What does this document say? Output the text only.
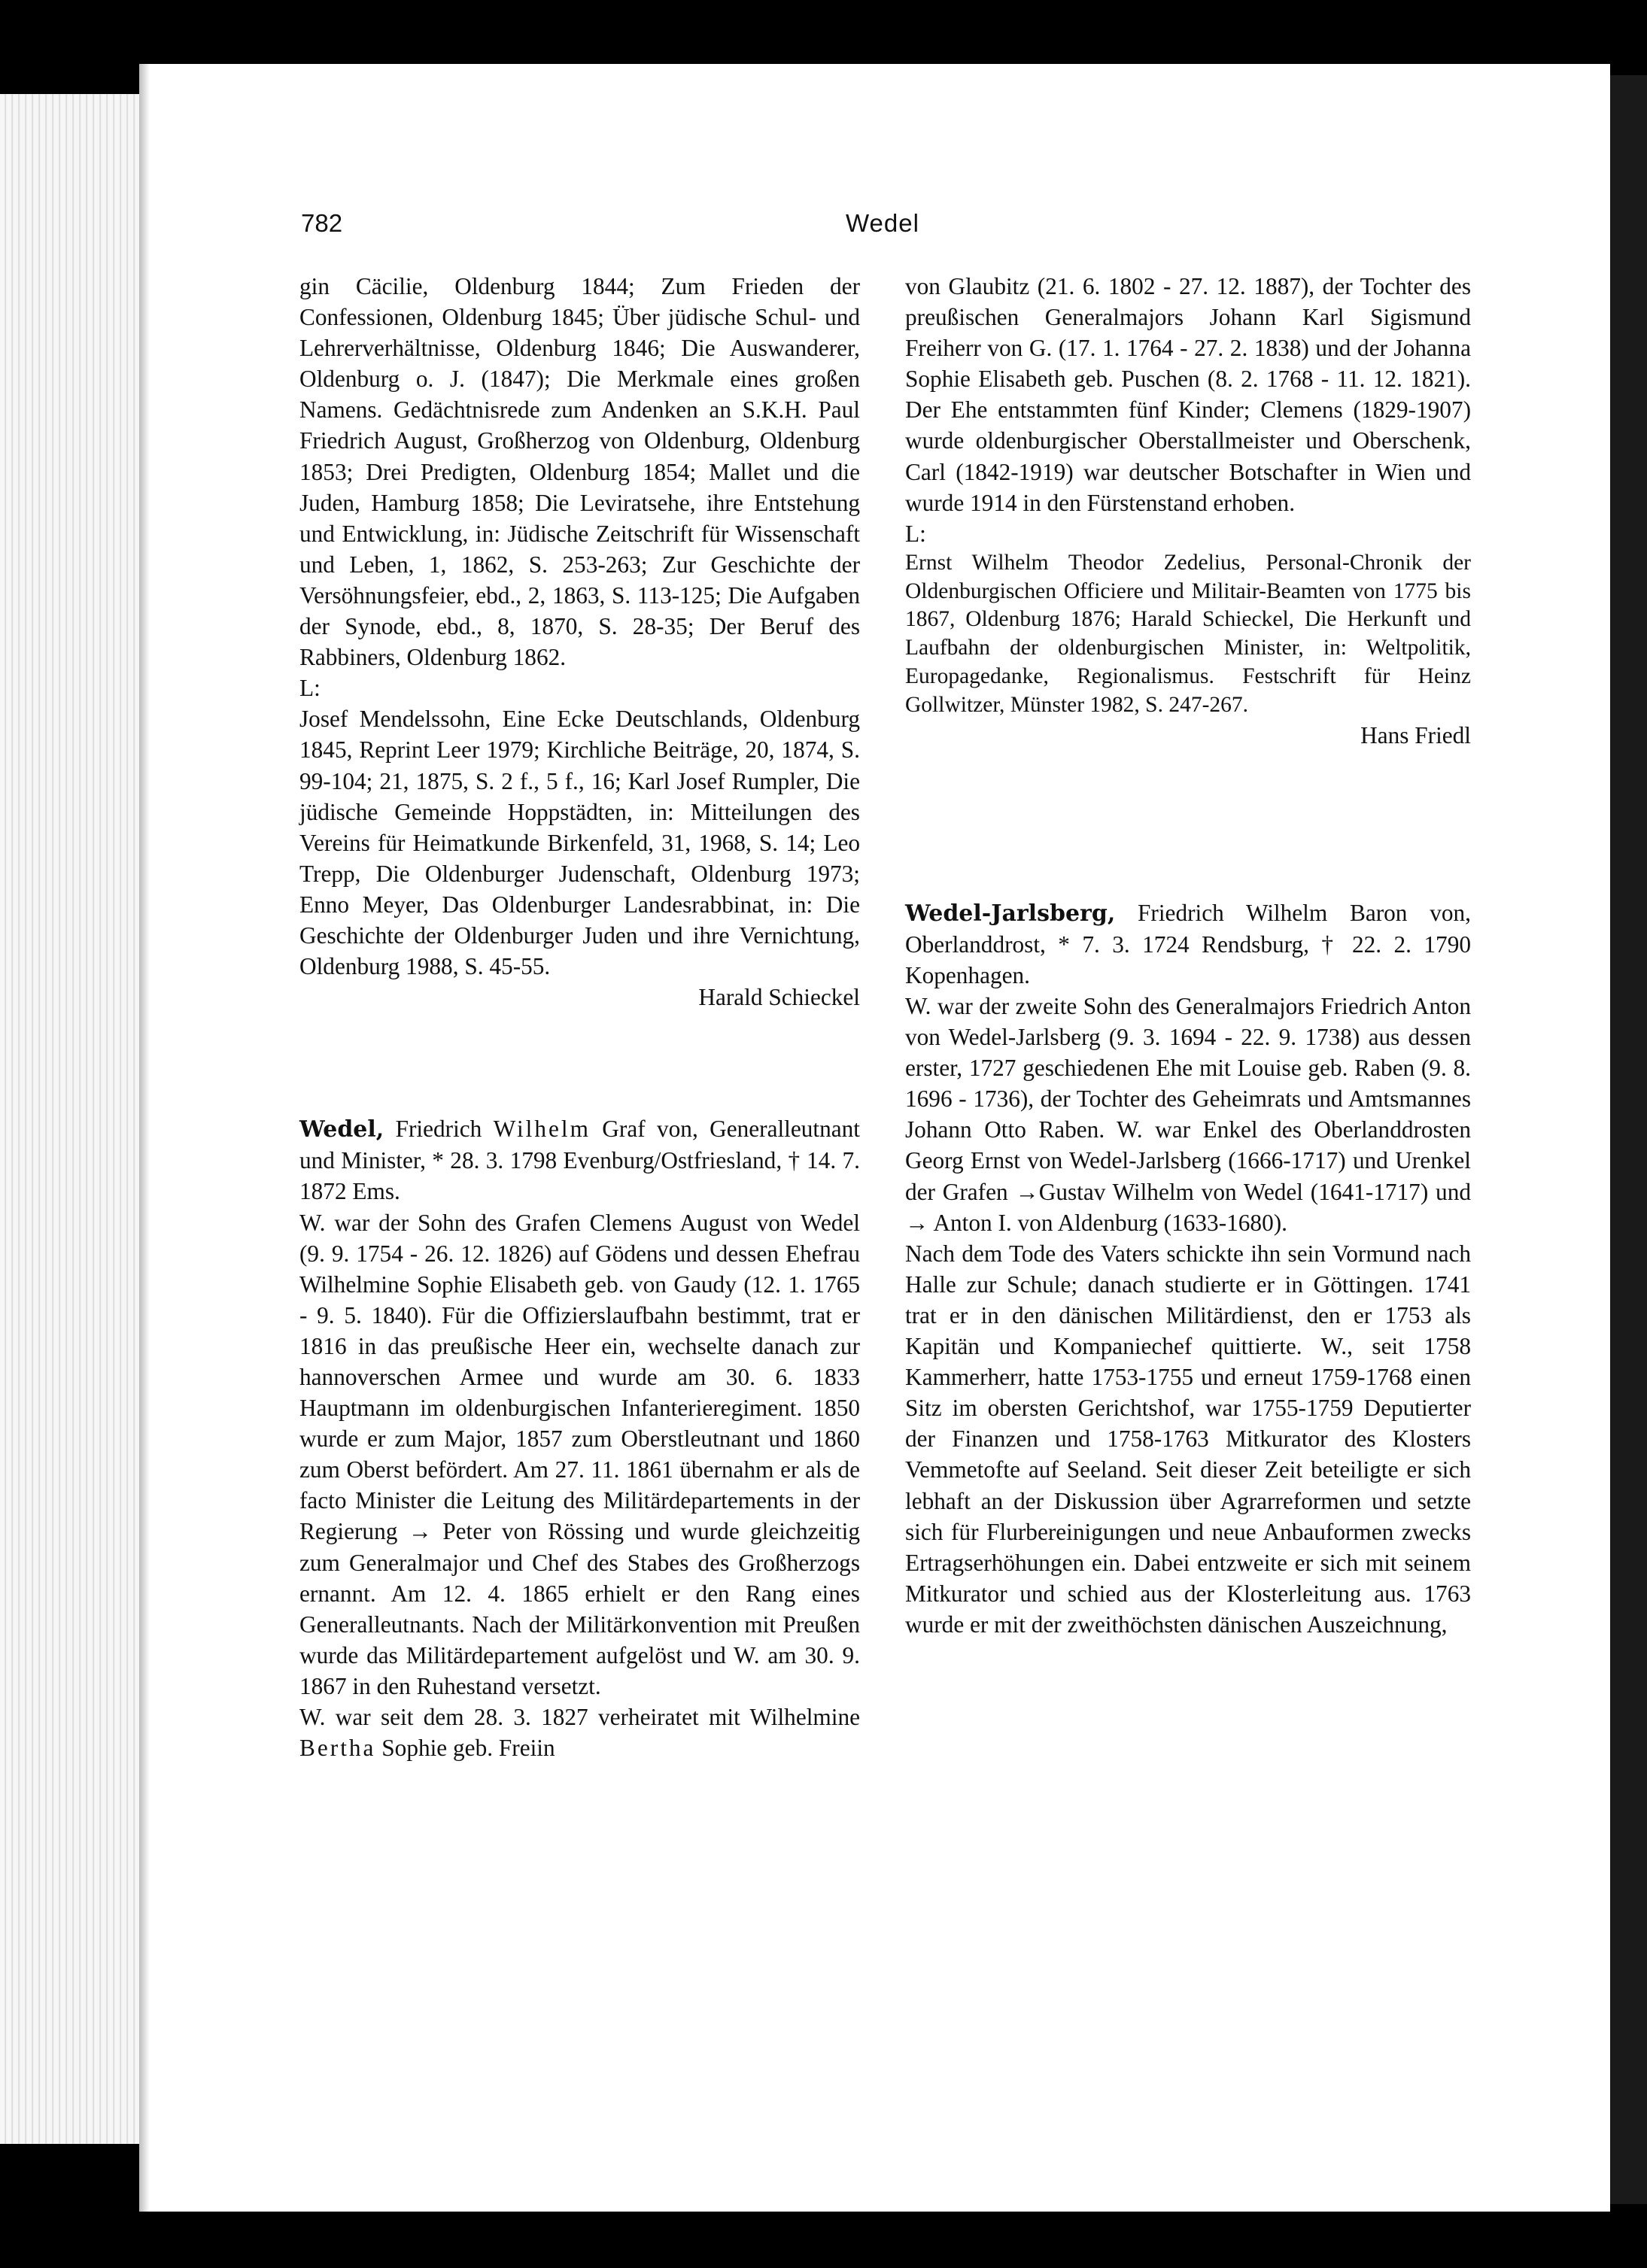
782	Wedel

gin Cäcilie, Oldenburg 1844; Zum Frieden der Confessionen, Oldenburg 1845; Über jüdische Schul- und Lehrerverhältnisse, Oldenburg 1846; Die Auswanderer, Oldenburg o. J. (1847); Die Merkmale eines großen Namens. Gedächtnisrede zum Andenken an S.K.H. Paul Friedrich August, Großherzog von Oldenburg, Oldenburg 1853; Drei Predigten, Oldenburg 1854; Mallet und die Juden, Hamburg 1858; Die Leviratsehe, ihre Entstehung und Entwicklung, in: Jüdische Zeitschrift für Wissenschaft und Leben, 1, 1862, S. 253-263; Zur Geschichte der Versöhnungsfeier, ebd., 2, 1863, S. 113-125; Die Aufgaben der Synode, ebd., 8, 1870, S. 28-35; Der Beruf des Rabbiners, Oldenburg 1862.

L:

Josef Mendelssohn, Eine Ecke Deutschlands, Oldenburg 1845, Reprint Leer 1979; Kirchliche Beiträge, 20, 1874, S. 99-104; 21, 1875, S. 2 f., 5 f., 16; Karl Josef Rumpler, Die jüdische Gemeinde Hoppstädten, in: Mitteilungen des Vereins für Heimatkunde Birkenfeld, 31, 1968, S. 14; Leo Trepp, Die Oldenburger Judenschaft, Oldenburg 1973; Enno Meyer, Das Oldenburger Landesrabbinat, in: Die Geschichte der Oldenburger Juden und ihre Vernichtung, Oldenburg 1988, S. 45-55.

Harald Schieckel

Wedel, Friedrich Wilhelm Graf von, Generalleutnant und Minister, * 28. 3. 1798 Evenburg/Ostfriesland, † 14. 7. 1872 Ems.

W. war der Sohn des Grafen Clemens August von Wedel (9. 9. 1754 - 26. 12. 1826) auf Gödens und dessen Ehefrau Wilhelmine Sophie Elisabeth geb. von Gaudy (12. 1. 1765 - 9. 5. 1840). Für die Offizierslaufbahn bestimmt, trat er 1816 in das preußische Heer ein, wechselte danach zur hannoverschen Armee und wurde am 30. 6. 1833 Hauptmann im oldenburgischen Infanterieregiment. 1850 wurde er zum Major, 1857 zum Oberstleutnant und 1860 zum Oberst befördert. Am 27. 11. 1861 übernahm er als de facto Minister die Leitung des Militärdepartements in der Regierung → Peter von Rössing und wurde gleichzeitig zum Generalmajor und Chef des Stabes des Großherzogs ernannt. Am 12. 4. 1865 erhielt er den Rang eines Generalleutnants. Nach der Militärkonvention mit Preußen wurde das Militärdepartement aufgelöst und W. am 30. 9. 1867 in den Ruhestand versetzt.

W. war seit dem 28. 3. 1827 verheiratet mit Wilhelmine Bertha Sophie geb. Freiin

von Glaubitz (21. 6. 1802 - 27. 12. 1887), der Tochter des preußischen Generalmajors Johann Karl Sigismund Freiherr von G. (17. 1. 1764 - 27. 2. 1838) und der Johanna Sophie Elisabeth geb. Puschen (8. 2. 1768 - 11. 12. 1821). Der Ehe entstammten fünf Kinder; Clemens (1829-1907) wurde oldenburgischer Oberstallmeister und Oberschenk, Carl (1842-1919) war deutscher Botschafter in Wien und wurde 1914 in den Fürstenstand erhoben.

L:

Ernst Wilhelm Theodor Zedelius, Personal-Chronik der Oldenburgischen Officiere und Militair-Beamten von 1775 bis 1867, Oldenburg 1876; Harald Schieckel, Die Herkunft und Laufbahn der oldenburgischen Minister, in: Weltpolitik, Europagedanke, Regionalismus. Festschrift für Heinz Gollwitzer, Münster 1982, S. 247-267.

Hans Friedl

Wedel-Jarlsberg, Friedrich Wilhelm Baron von, Oberlanddrost, * 7. 3. 1724 Rendsburg, † 22. 2. 1790 Kopenhagen.

W. war der zweite Sohn des Generalmajors Friedrich Anton von Wedel-Jarlsberg (9. 3. 1694 - 22. 9. 1738) aus dessen erster, 1727 geschiedenen Ehe mit Louise geb. Raben (9. 8. 1696 - 1736), der Tochter des Geheimrats und Amtsmannes Johann Otto Raben. W. war Enkel des Oberlanddrosten Georg Ernst von Wedel-Jarlsberg (1666-1717) und Urenkel der Grafen →Gustav Wilhelm von Wedel (1641-1717) und → Anton I. von Aldenburg (1633-1680).

Nach dem Tode des Vaters schickte ihn sein Vormund nach Halle zur Schule; danach studierte er in Göttingen. 1741 trat er in den dänischen Militärdienst, den er 1753 als Kapitän und Kompaniechef quittierte. W., seit 1758 Kammerherr, hatte 1753-1755 und erneut 1759-1768 einen Sitz im obersten Gerichtshof, war 1755-1759 Deputierter der Finanzen und 1758-1763 Mitkurator des Klosters Vemmetofte auf Seeland. Seit dieser Zeit beteiligte er sich lebhaft an der Diskussion über Agrarreformen und setzte sich für Flurbereinigungen und neue Anbauformen zwecks Ertragserhöhungen ein. Dabei entzweite er sich mit seinem Mitkurator und schied aus der Klosterleitung aus. 1763 wurde er mit der zweithöchsten dänischen Auszeichnung,
